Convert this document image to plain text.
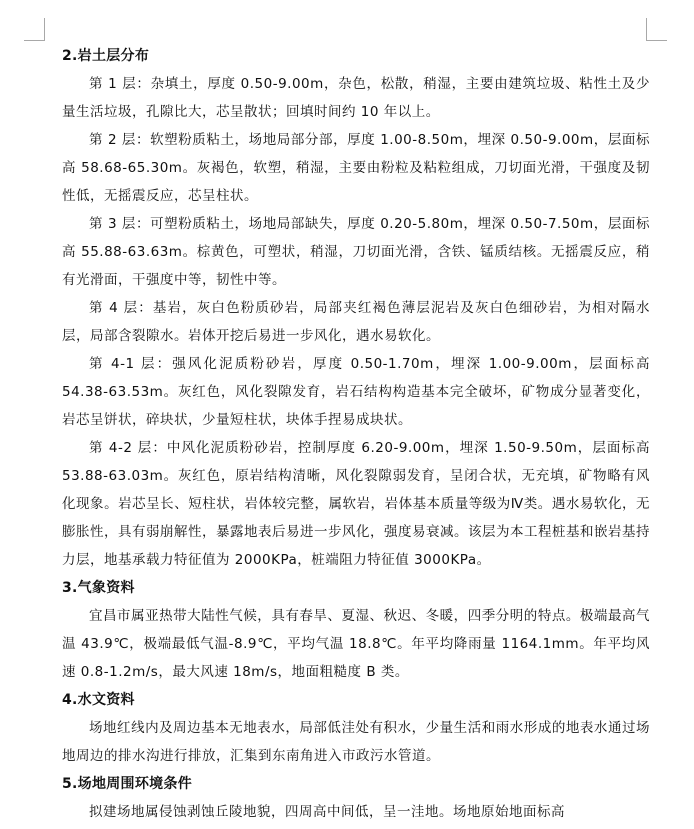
2.岩土层分布

第 1 层：杂填土，厚度 0.50-9.00m，杂色，松散，稍湿，主要由建筑垃圾、粘性土及少量生活垃圾，孔隙比大，芯呈散状；回填时间约 10 年以上。

第 2 层：软塑粉质粘土，场地局部分部，厚度 1.00-8.50m，埋深 0.50-9.00m，层面标高 58.68-65.30m。灰褐色，软塑，稍湿，主要由粉粒及粘粒组成，刀切面光滑，干强度及韧性低，无摇震反应，芯呈柱状。

第 3 层：可塑粉质粘土，场地局部缺失，厚度 0.20-5.80m，埋深 0.50-7.50m，层面标高 55.88-63.63m。棕黄色，可塑状，稍湿，刀切面光滑，含铁、锰质结核。无摇震反应，稍有光滑面，干强度中等，韧性中等。

第 4 层：基岩，灰白色粉质砂岩，局部夹红褐色薄层泥岩及灰白色细砂岩，为相对隔水层，局部含裂隙水。岩体开挖后易进一步风化，遇水易软化。

第 4-1 层：强风化泥质粉砂岩，厚度 0.50-1.70m，埋深 1.00-9.00m，层面标高 54.38-63.53m。灰红色，风化裂隙发育，岩石结构构造基本完全破坏，矿物成分显著变化，岩芯呈饼状，碎块状，少量短柱状，块体手捏易成块状。

第 4-2 层：中风化泥质粉砂岩，控制厚度 6.20-9.00m，埋深 1.50-9.50m，层面标高 53.88-63.03m。灰红色，原岩结构清晰，风化裂隙弱发育，呈闭合状，无充填，矿物略有风化现象。岩芯呈长、短柱状，岩体较完整，属软岩，岩体基本质量等级为Ⅳ类。遇水易软化，无膨胀性，具有弱崩解性，暴露地表后易进一步风化，强度易衰减。该层为本工程桩基和嵌岩基持力层，地基承载力特征值为 2000KPa，桩端阻力特征值 3000KPa。

3.气象资料

宜昌市属亚热带大陆性气候，具有春旱、夏湿、秋迟、冬暖，四季分明的特点。极端最高气温 43.9℃，极端最低气温-8.9℃，平均气温 18.8℃。年平均降雨量 1164.1mm。年平均风速 0.8-1.2m/s，最大风速 18m/s，地面粗糙度 B 类。

4.水文资料

场地红线内及周边基本无地表水，局部低洼处有积水，少量生活和雨水形成的地表水通过场地周边的排水沟进行排放，汇集到东南角进入市政污水管道。

5.场地周围环境条件

拟建场地属侵蚀剥蚀丘陵地貌，四周高中间低，呈一洼地。场地原始地面标高
